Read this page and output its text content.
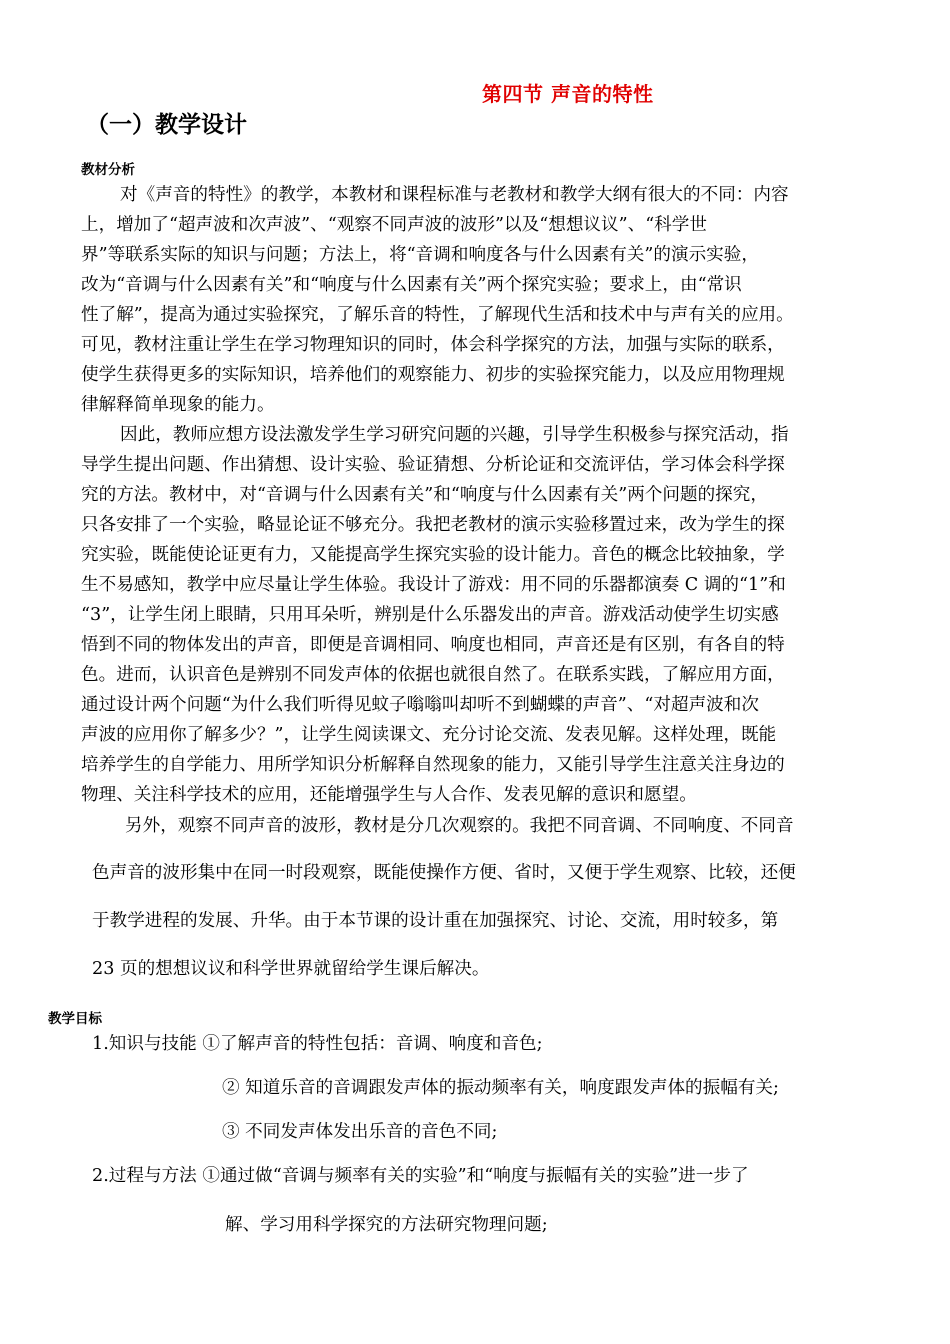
第四节 声音的特性
（一）教学设计
教材分析
对《声音的特性》的教学，本教材和课程标准与老教材和教学大纲有很大的不同：内容
上，增加了“超声波和次声波”、“观察不同声波的波形”以及“想想议议”、“科学世
界”等联系实际的知识与问题；方法上，将“音调和响度各与什么因素有关”的演示实验，
改为“音调与什么因素有关”和“响度与什么因素有关”两个探究实验；要求上，由“常识
性了解”，提高为通过实验探究，了解乐音的特性，了解现代生活和技术中与声有关的应用。
可见，教材注重让学生在学习物理知识的同时，体会科学探究的方法，加强与实际的联系，
使学生获得更多的实际知识，培养他们的观察能力、初步的实验探究能力，以及应用物理规
律解释简单现象的能力。
因此，教师应想方设法激发学生学习研究问题的兴趣，引导学生积极参与探究活动，指
导学生提出问题、作出猜想、设计实验、验证猜想、分析论证和交流评估，学习体会科学探
究的方法。教材中，对“音调与什么因素有关”和“响度与什么因素有关”两个问题的探究，
只各安排了一个实验，略显论证不够充分。我把老教材的演示实验移置过来，改为学生的探
究实验，既能使论证更有力，又能提高学生探究实验的设计能力。音色的概念比较抽象，学
生不易感知，教学中应尽量让学生体验。我设计了游戏：用不同的乐器都演奏 C 调的“1”和
“3”，让学生闭上眼睛，只用耳朵听，辨别是什么乐器发出的声音。游戏活动使学生切实感
悟到不同的物体发出的声音，即便是音调相同、响度也相同，声音还是有区别，有各自的特
色。进而，认识音色是辨别不同发声体的依据也就很自然了。在联系实践，了解应用方面，
通过设计两个问题“为什么我们听得见蚊子嗡嗡叫却听不到蝴蝶的声音”、“对超声波和次
声波的应用你了解多少？”，让学生阅读课文、充分讨论交流、发表见解。这样处理，既能
培养学生的自学能力、用所学知识分析解释自然现象的能力，又能引导学生注意关注身边的
物理、关注科学技术的应用，还能增强学生与人合作、发表见解的意识和愿望。
另外，观察不同声音的波形，教材是分几次观察的。我把不同音调、不同响度、不同音
色声音的波形集中在同一时段观察，既能使操作方便、省时，又便于学生观察、比较，还便
于教学进程的发展、升华。由于本节课的设计重在加强探究、讨论、交流，用时较多，第
23 页的想想议议和科学世界就留给学生课后解决。
教学目标
1.知识与技能 ①了解声音的特性包括：音调、响度和音色;
② 知道乐音的音调跟发声体的振动频率有关，响度跟发声体的振幅有关;
③ 不同发声体发出乐音的音色不同;
2.过程与方法 ①通过做“音调与频率有关的实验”和“响度与振幅有关的实验”进一步了
解、学习用科学探究的方法研究物理问题;
